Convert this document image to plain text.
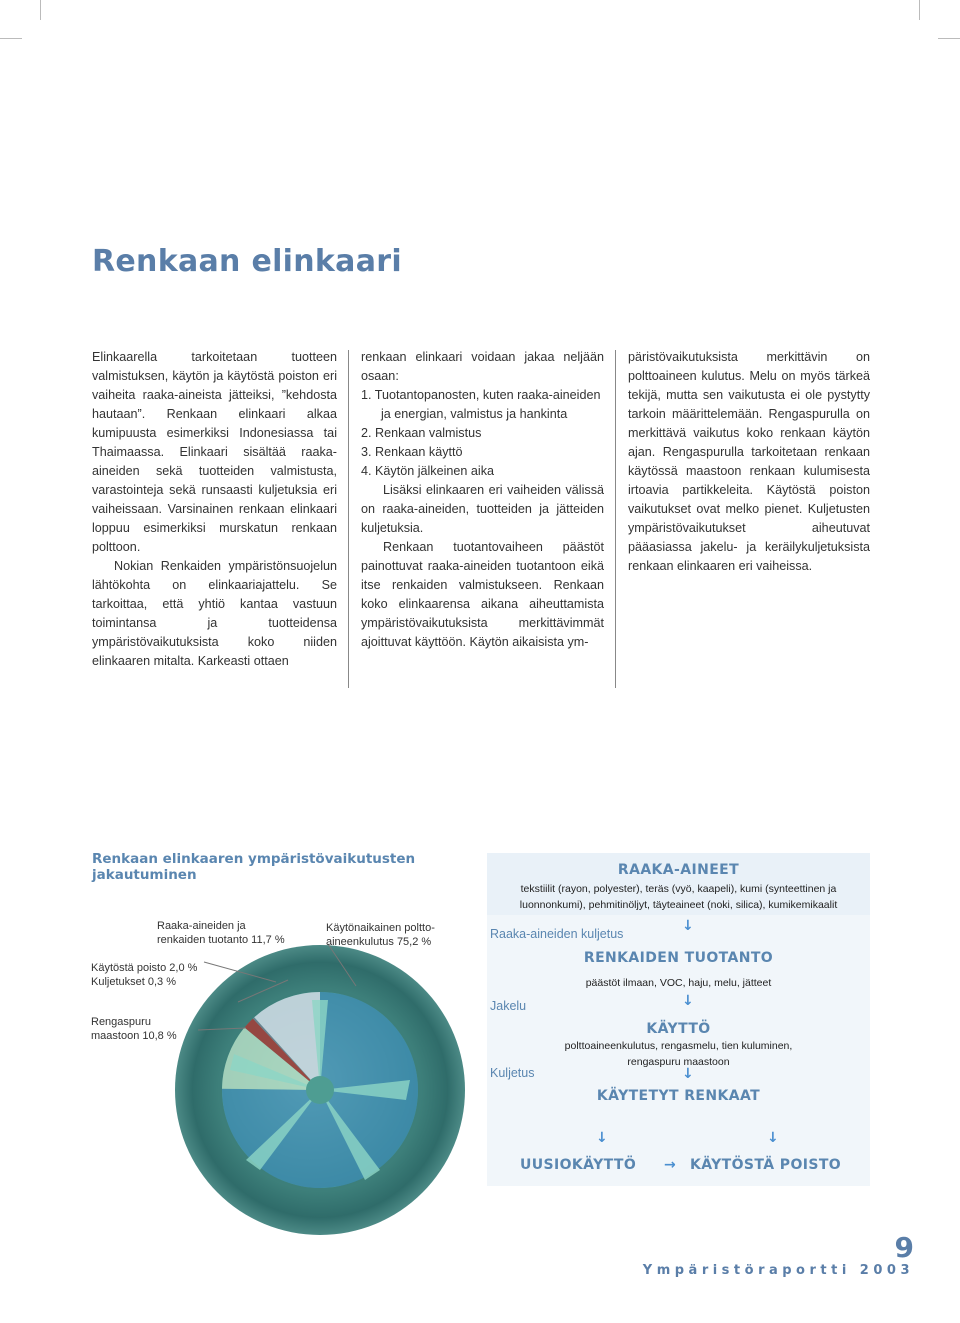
Renkaan elinkaari

Elinkaarella tarkoitetaan tuotteen valmistuksen, käytön ja käytöstä poiston eri vaiheita raaka-aineista jätteiksi, ”kehdosta hautaan”. Renkaan elinkaari alkaa kumipuusta esimerkiksi Indonesiassa tai Thaimaassa. Elinkaari sisältää raaka-aineiden sekä tuotteiden valmistusta, varastointeja sekä runsaasti kuljetuksia eri vaiheissaan. Varsinainen renkaan elinkaari loppuu esimerkiksi murskatun renkaan polttoon.

Nokian Renkaiden ympäristönsuojelun lähtökohta on elinkaariajattelu. Se tarkoittaa, että yhtiö kantaa vastuun toimintansa ja tuotteidensa ympäristövaikutuksista koko niiden elinkaaren mitalta. Karkeasti ottaen

renkaan elinkaari voidaan jakaa neljään osaan:

1. Tuotantopanosten, kuten raaka-aineiden ja energian, valmistus ja hankinta
2. Renkaan valmistus
3. Renkaan käyttö
4. Käytön jälkeinen aika

Lisäksi elinkaaren eri vaiheiden välissä on raaka-aineiden, tuotteiden ja jätteiden kuljetuksia.

Renkaan tuotantovaiheen päästöt painottuvat raaka-aineiden tuotantoon eikä itse renkaiden valmistukseen. Renkaan koko elinkaarensa aikana aiheuttamista ympäristövaikutuksista merkittävimmät ajoittuvat käyttöön. Käytön aikaisista ym-

päristövaikutuksista merkittävin on polttoaineen kulutus. Melu on myös tärkeä tekijä, mutta sen vaikutusta ei ole pystytty tarkoin määrittelemään. Rengaspurulla on merkittävä vaikutus koko renkaan käytön ajan. Rengaspurulla tarkoitetaan renkaan käytössä maastoon renkaan kulumisesta irtoavia partikkeleita. Käytöstä poiston vaikutukset ovat melko pienet. Kuljetusten ympäristövaikutukset aiheutuvat pääasiassa jakelu- ja keräilykuljetuksista renkaan elinkaaren eri vaiheissa.

Renkaan elinkaaren ympäristövaikutusten jakautuminen
Raaka-aineiden ja
renkaiden tuotanto 11,7 %
Käytönaikainen poltto-
aineenkulutus 75,2 %
Käytöstä poisto 2,0 %
Kuljetukset 0,3 %
Rengaspuru
maastoon 10,8 %
RAAKA-AINEET
tekstiilit (rayon, polyester), teräs (vyö, kaapeli), kumi (synteettinen ja
luonnonkumi), pehmitinöljyt, täyteaineet (noki, silica), kumikemikaalit
Raaka-aineiden kuljetus	↓
RENKAIDEN TUOTANTO
päästöt ilmaan, VOC, haju, melu, jätteet
↓
Jakelu
KÄYTTÖ
polttoaineenkulutus, rengasmelu, tien kuluminen,
rengaspuru maastoon
Kuljetus	↓
KÄYTETYT RENKAAT
↓	↓
UUSIOKÄYTTÖ	→ KÄYTÖSTÄ POISTO
9
Ympäristöraportti 2003
